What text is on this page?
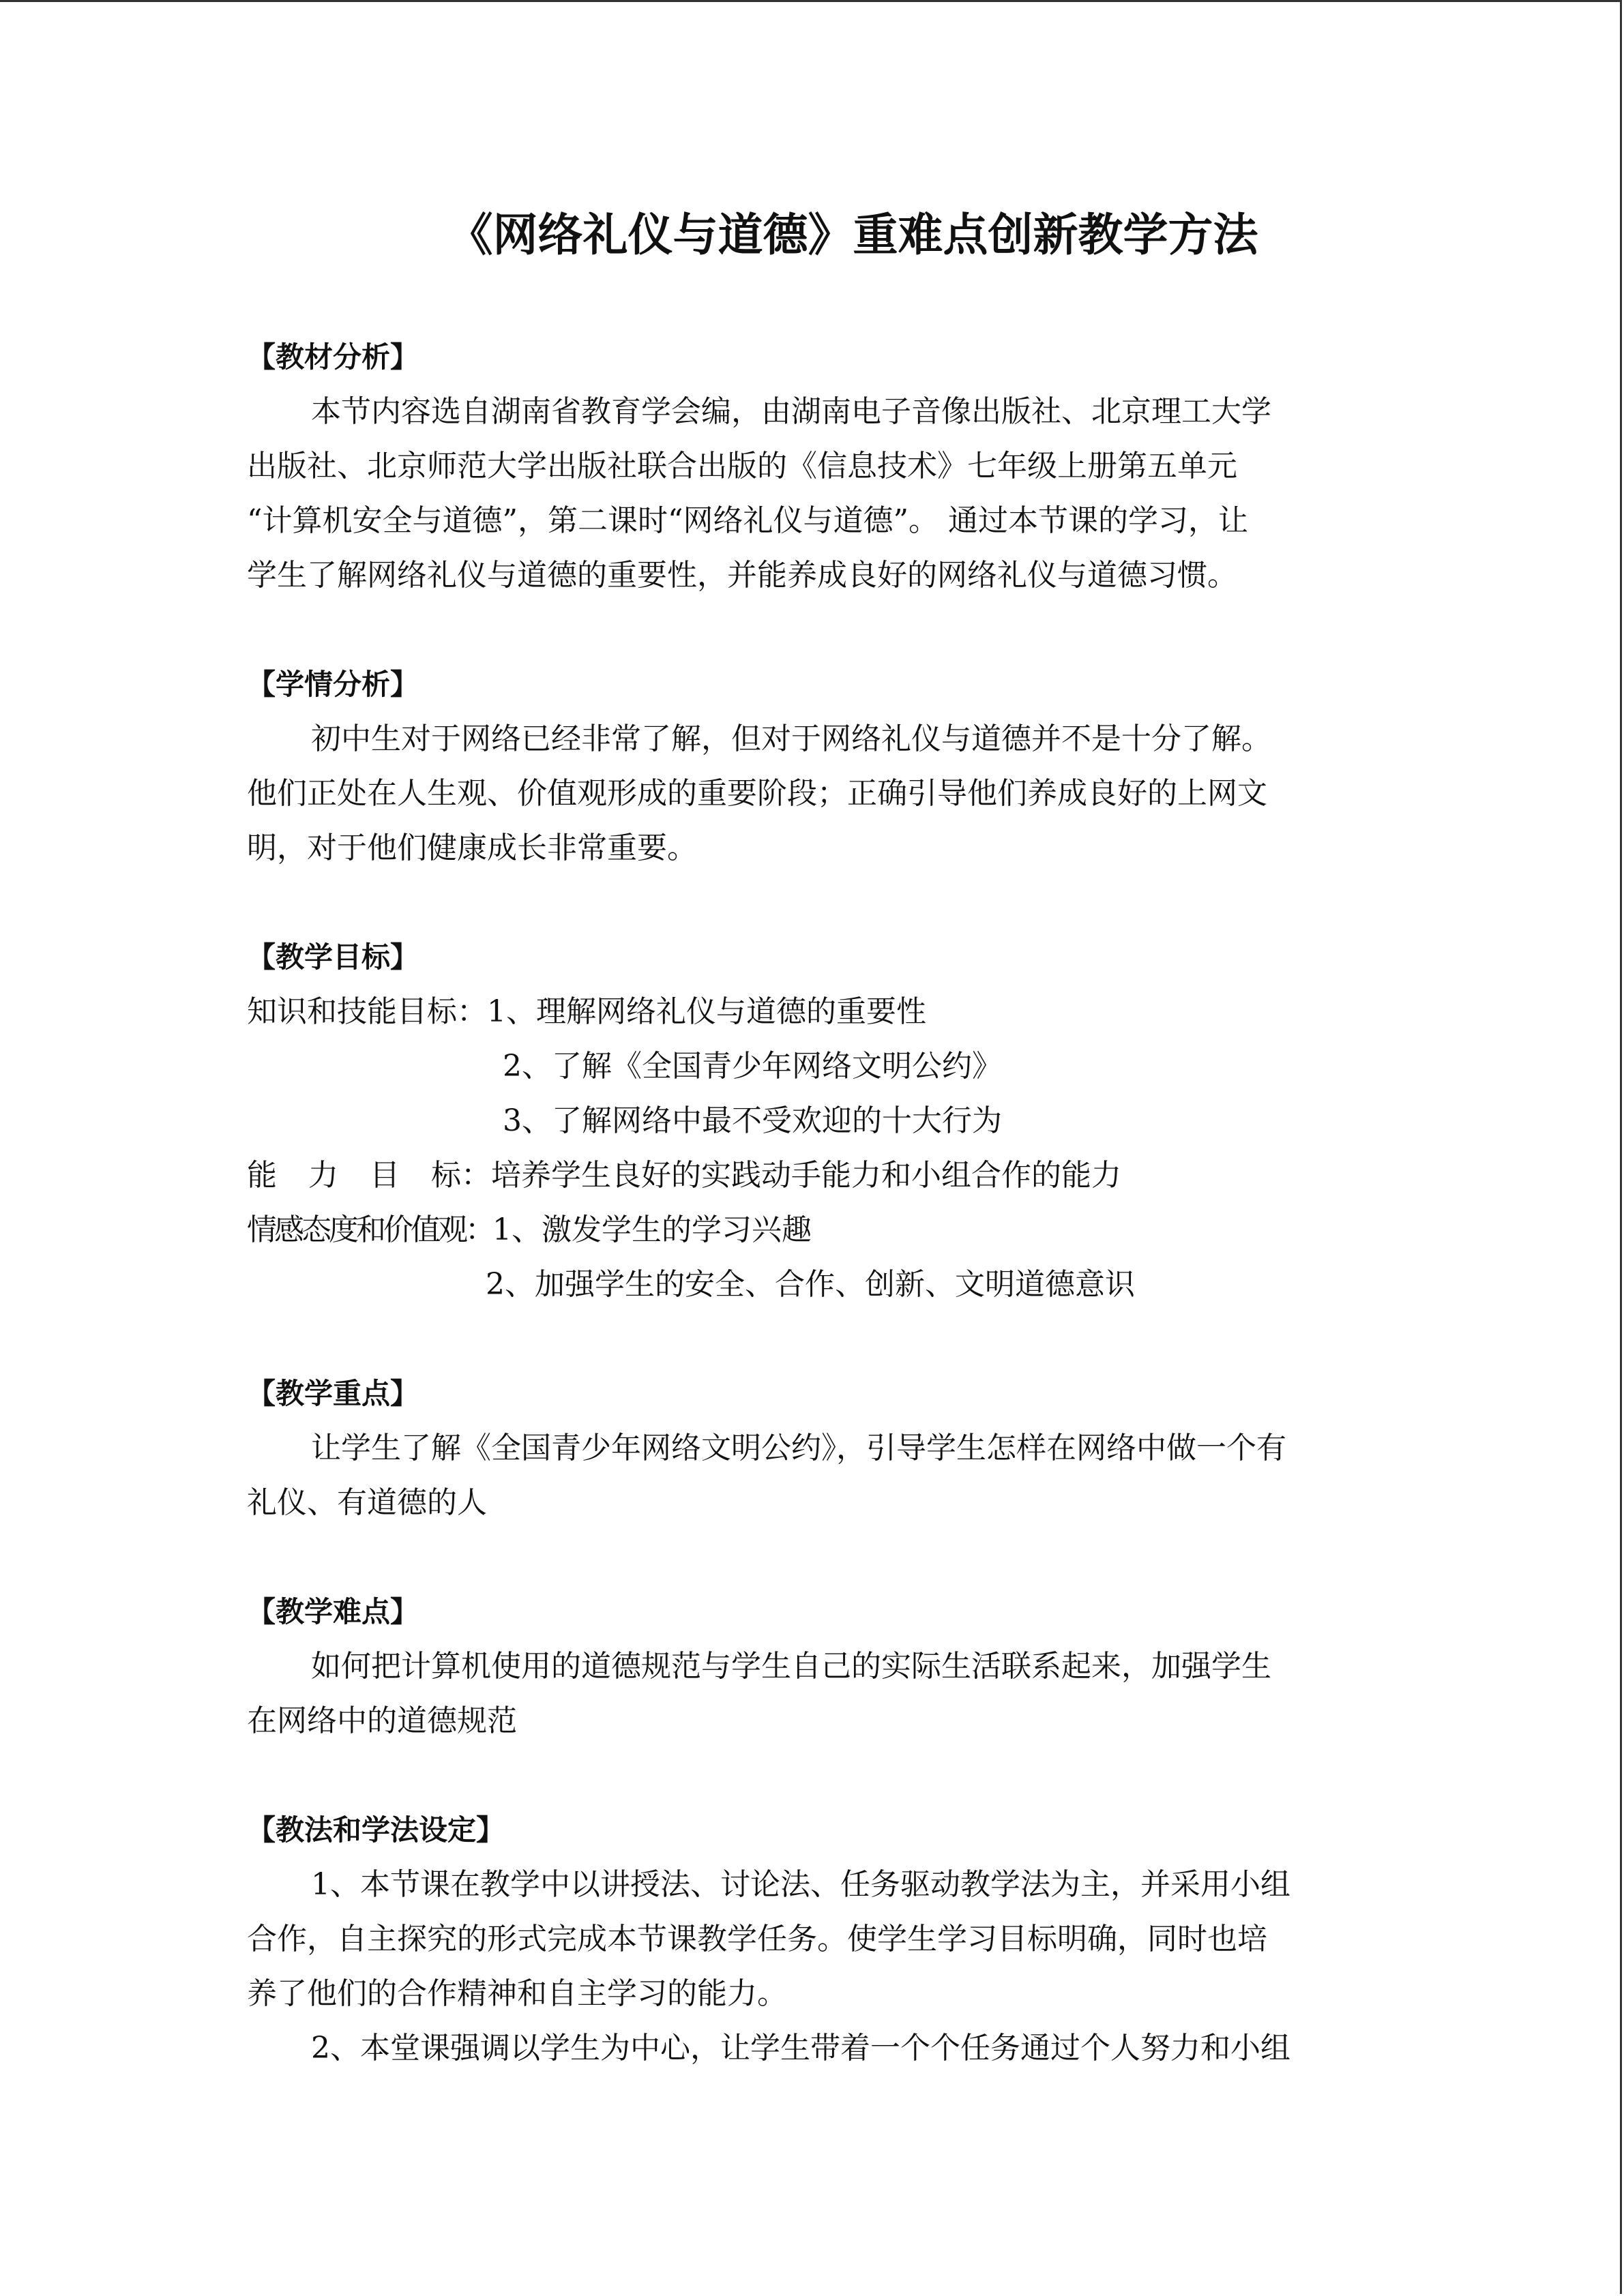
《网络礼仪与道德》重难点创新教学方法
【教材分析】
本节内容选自湖南省教育学会编，由湖南电子音像出版社、北京理工大学
出版社、北京师范大学出版社联合出版的《信息技术》七年级上册第五单元
“计算机安全与道德”，第二课时“网络礼仪与道德”。 通过本节课的学习，让
学生了解网络礼仪与道德的重要性，并能养成良好的网络礼仪与道德习惯。
【学情分析】
初中生对于网络已经非常了解，但对于网络礼仪与道德并不是十分了解。
他们正处在人生观、价值观形成的重要阶段；正确引导他们养成良好的上网文
明，对于他们健康成长非常重要。
【教学目标】
知识和技能目标：1、理解网络礼仪与道德的重要性
2、了解《全国青少年网络文明公约》
3、了解网络中最不受欢迎的十大行为
能 力 目 标：培养学生良好的实践动手能力和小组合作的能力
情感态度和价值观：1、激发学生的学习兴趣
2、加强学生的安全、合作、创新、文明道德意识
【教学重点】
让学生了解《全国青少年网络文明公约》，引导学生怎样在网络中做一个有
礼仪、有道德的人
【教学难点】
如何把计算机使用的道德规范与学生自己的实际生活联系起来，加强学生
在网络中的道德规范
【教法和学法设定】
1、本节课在教学中以讲授法、讨论法、任务驱动教学法为主，并采用小组
合作，自主探究的形式完成本节课教学任务。使学生学习目标明确，同时也培
养了他们的合作精神和自主学习的能力。
2、本堂课强调以学生为中心，让学生带着一个个任务通过个人努力和小组
